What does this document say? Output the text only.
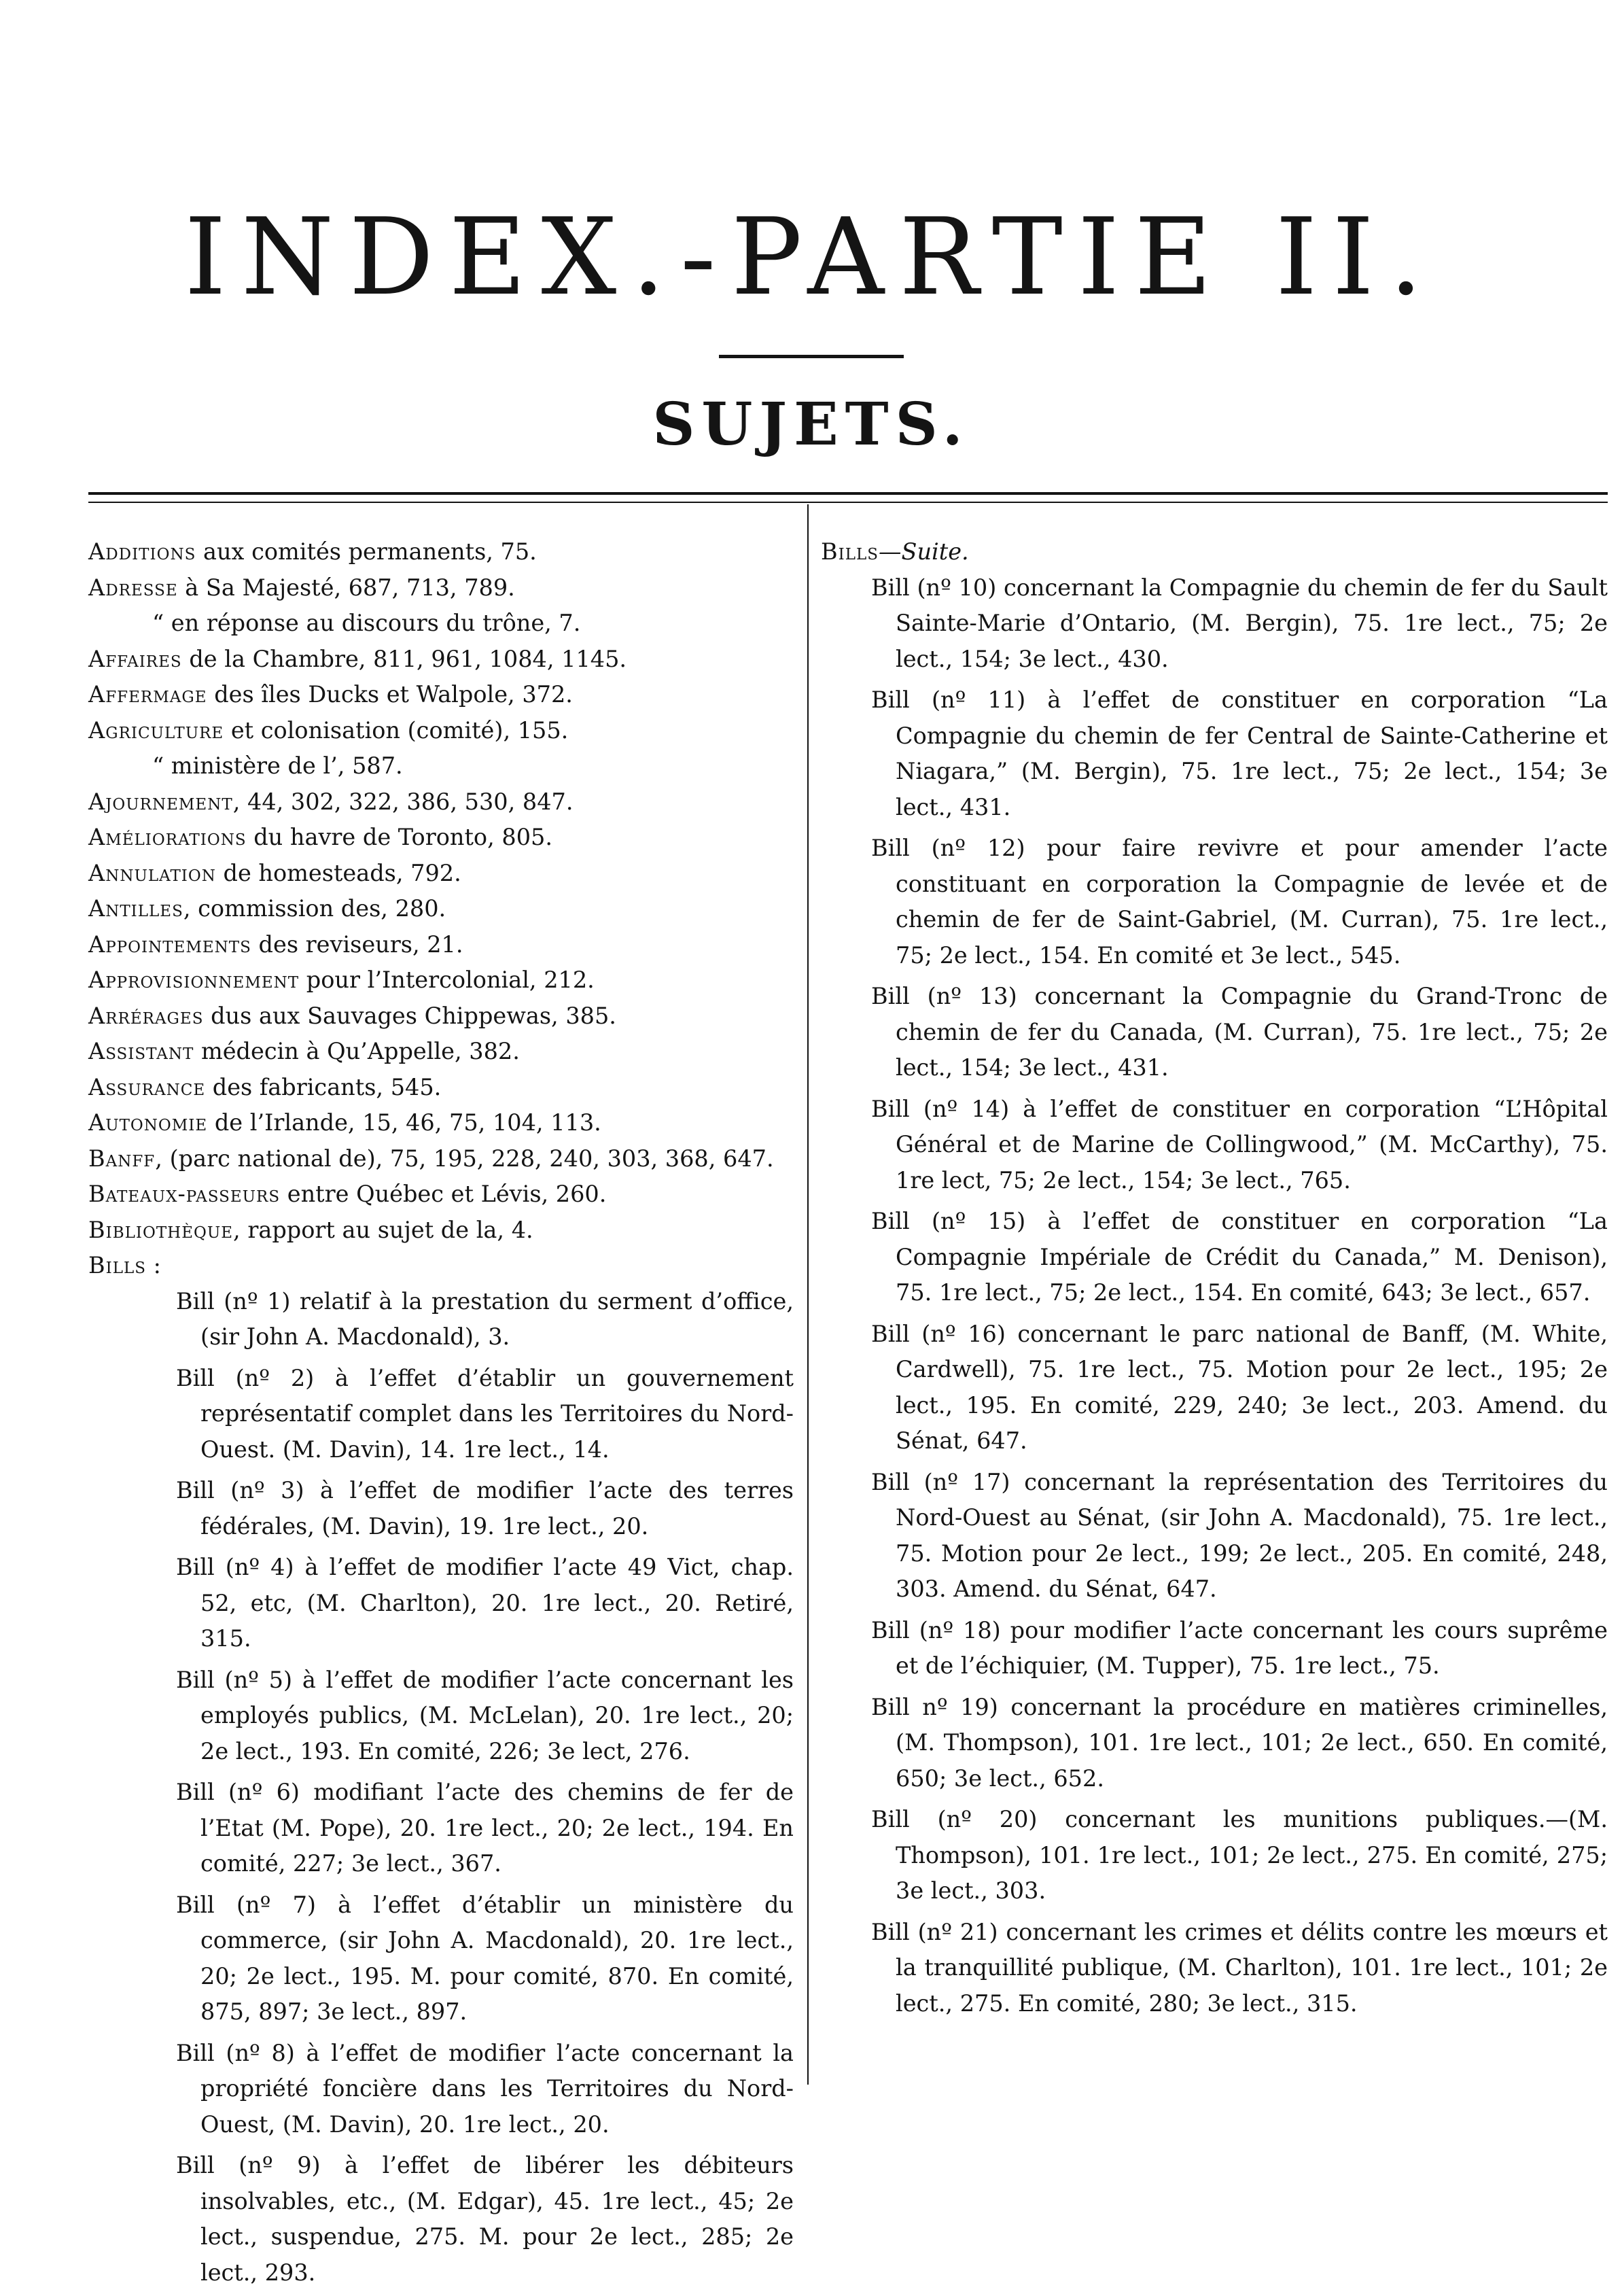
INDEX.-PARTIE II.
SUJETS.

Additions aux comités permanents, 75.

Adresse à Sa Majesté, 687, 713, 789.

“ en réponse au discours du trône, 7.

Affaires de la Chambre, 811, 961, 1084, 1145.

Affermage des îles Ducks et Walpole, 372.

Agriculture et colonisation (comité), 155.

“ ministère de l’, 587.

Ajournement, 44, 302, 322, 386, 530, 847.

Améliorations du havre de Toronto, 805.

Annulation de homesteads, 792.

Antilles, commission des, 280.

Appointements des reviseurs, 21.

Approvisionnement pour l’Intercolonial, 212.

Arrérages dus aux Sauvages Chippewas, 385.

Assistant médecin à Qu’Appelle, 382.

Assurance des fabricants, 545.

Autonomie de l’Irlande, 15, 46, 75, 104, 113.

Banff, (parc national de), 75, 195, 228, 240, 303, 368, 647.

Bateaux-passeurs entre Québec et Lévis, 260.

Bibliothèque, rapport au sujet de la, 4.

Bills :

Bill (nº 1) relatif à la prestation du serment d’office, (sir John A. Macdonald), 3.

Bill (nº 2) à l’effet d’établir un gouvernement représentatif complet dans les Territoires du Nord-Ouest. (M. Davin), 14. 1re lect., 14.

Bill (nº 3) à l’effet de modifier l’acte des terres fédérales, (M. Davin), 19. 1re lect., 20.

Bill (nº 4) à l’effet de modifier l’acte 49 Vict, chap. 52, etc, (M. Charlton), 20. 1re lect., 20. Retiré, 315.

Bill (nº 5) à l’effet de modifier l’acte concernant les employés publics, (M. McLelan), 20. 1re lect., 20; 2e lect., 193. En comité, 226; 3e lect, 276.

Bill (nº 6) modifiant l’acte des chemins de fer de l’Etat (M. Pope), 20. 1re lect., 20; 2e lect., 194. En comité, 227; 3e lect., 367.

Bill (nº 7) à l’effet d’établir un ministère du commerce, (sir John A. Macdonald), 20. 1re lect., 20; 2e lect., 195. M. pour comité, 870. En comité, 875, 897; 3e lect., 897.

Bill (nº 8) à l’effet de modifier l’acte concernant la propriété foncière dans les Territoires du Nord-Ouest, (M. Davin), 20. 1re lect., 20.

Bill (nº 9) à l’effet de libérer les débiteurs insolvables, etc., (M. Edgar), 45. 1re lect., 45; 2e lect., suspendue, 275. M. pour 2e lect., 285; 2e lect., 293.

Bills—Suite.

Bill (nº 10) concernant la Compagnie du chemin de fer du Sault Sainte-Marie d’Ontario, (M. Bergin), 75. 1re lect., 75; 2e lect., 154; 3e lect., 430.

Bill (nº 11) à l’effet de constituer en corporation “La Compagnie du chemin de fer Central de Sainte-Catherine et Niagara,” (M. Bergin), 75. 1re lect., 75; 2e lect., 154; 3e lect., 431.

Bill (nº 12) pour faire revivre et pour amender l’acte constituant en corporation la Compagnie de levée et de chemin de fer de Saint-Gabriel, (M. Curran), 75. 1re lect., 75; 2e lect., 154. En comité et 3e lect., 545.

Bill (nº 13) concernant la Compagnie du Grand-Tronc de chemin de fer du Canada, (M. Curran), 75. 1re lect., 75; 2e lect., 154; 3e lect., 431.

Bill (nº 14) à l’effet de constituer en corporation “L’Hôpital Général et de Marine de Collingwood,” (M. McCarthy), 75. 1re lect, 75; 2e lect., 154; 3e lect., 765.

Bill (nº 15) à l’effet de constituer en corporation “La Compagnie Impériale de Crédit du Canada,” M. Denison), 75. 1re lect., 75; 2e lect., 154. En comité, 643; 3e lect., 657.

Bill (nº 16) concernant le parc national de Banff, (M. White, Cardwell), 75. 1re lect., 75. Motion pour 2e lect., 195; 2e lect., 195. En comité, 229, 240; 3e lect., 203. Amend. du Sénat, 647.

Bill (nº 17) concernant la représentation des Territoires du Nord-Ouest au Sénat, (sir John A. Macdonald), 75. 1re lect., 75. Motion pour 2e lect., 199; 2e lect., 205. En comité, 248, 303. Amend. du Sénat, 647.

Bill (nº 18) pour modifier l’acte concernant les cours suprême et de l’échiquier, (M. Tupper), 75. 1re lect., 75.

Bill nº 19) concernant la procédure en matières criminelles, (M. Thompson), 101. 1re lect., 101; 2e lect., 650. En comité, 650; 3e lect., 652.

Bill (nº 20) concernant les munitions publiques.—(M. Thompson), 101. 1re lect., 101; 2e lect., 275. En comité, 275; 3e lect., 303.

Bill (nº 21) concernant les crimes et délits contre les mœurs et la tranquillité publique, (M. Charlton), 101. 1re lect., 101; 2e lect., 275. En comité, 280; 3e lect., 315.
